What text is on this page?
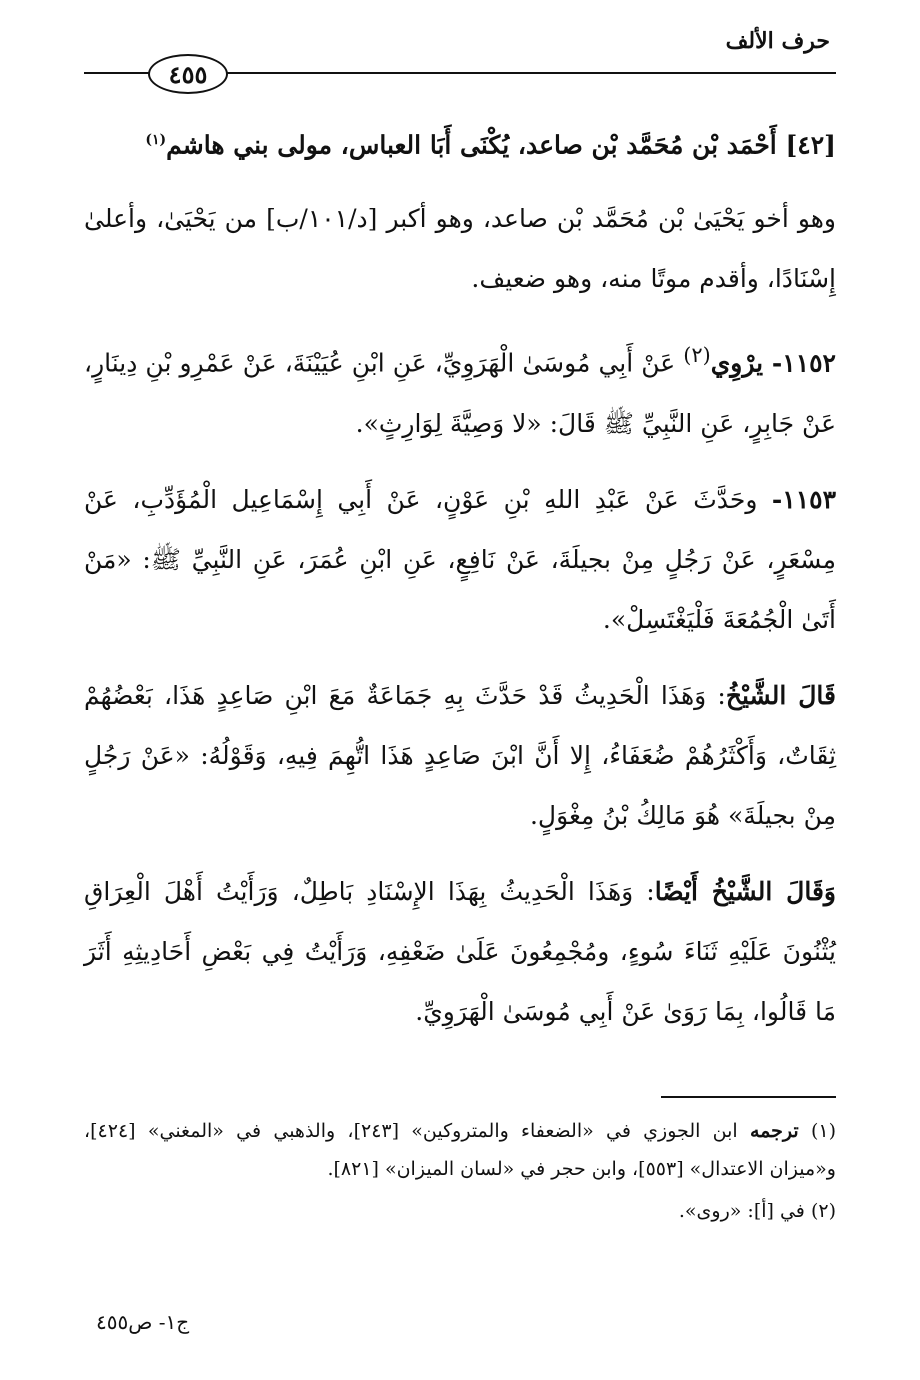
حرف الألف
٤٥٥
[٤٢] أَحْمَد بْن مُحَمَّد بْن صاعد، يُكْنَى أَبَا العباس، مولى بني هاشم$^{(١)}$

وهو أخو يَحْيَىٰ بْن مُحَمَّد بْن صاعد، وهو أكبر [د/١٠١/ب] من يَحْيَىٰ، وأعلىٰ إِسْنَادًا، وأقدم موتًا منه، وهو ضعيف.

١١٥٢- يرْوِي$^{(٢)}$ عَنْ أَبِي مُوسَىٰ الْهَرَوِيِّ، عَنِ ابْنِ عُيَيْنَةَ، عَنْ عَمْرِو بْنِ دِينَارٍ، عَنْ جَابِرٍ، عَنِ النَّبِيِّ ﷺ قَالَ: «لا وَصِيَّةَ لِوَارِثٍ».

١١٥٣- وحَدَّثَ عَنْ عَبْدِ اللهِ بْنِ عَوْنٍ، عَنْ أَبِي إِسْمَاعِيل الْمُؤَدِّبِ، عَنْ مِسْعَرٍ، عَنْ رَجُلٍ مِنْ بجيلَةَ، عَنْ نَافِعٍ، عَنِ ابْنِ عُمَرَ، عَنِ النَّبِيِّ ﷺ: «مَنْ أَتَىٰ الْجُمُعَةَ فَلْيَغْتَسِلْ».

قَالَ الشَّيْخُ: وَهَذَا الْحَدِيثُ قَدْ حَدَّثَ بِهِ جَمَاعَةٌ مَعَ ابْنِ صَاعِدٍ هَذَا، بَعْضُهُمْ ثِقَاتٌ، وَأَكْثَرُهُمْ ضُعَفَاءُ، إِلا أَنَّ ابْنَ صَاعِدٍ هَذَا اتُّهِمَ فِيهِ، وَقَوْلُهُ: «عَنْ رَجُلٍ مِنْ بجيلَةَ» هُوَ مَالِكُ بْنُ مِغْوَلٍ.

وَقَالَ الشَّيْخُ أَيْضًا: وَهَذَا الْحَدِيثُ بِهَذَا الإِسْنَادِ بَاطِلٌ، وَرَأَيْتُ أَهْلَ الْعِرَاقِ يُثْنُونَ عَلَيْهِ ثَنَاءَ سُوءٍ، ومُجْمِعُونَ عَلَىٰ ضَعْفِهِ، وَرَأَيْتُ فِي بَعْضِ أَحَادِيثِهِ أَثَرَ مَا قَالُوا، بِمَا رَوَىٰ عَنْ أَبِي مُوسَىٰ الْهَرَوِيِّ.

(١) ترجمه ابن الجوزي في «الضعفاء والمتروكين» [٢٤٣]، والذهبي في «المغني» [٤٢٤]، و«ميزان الاعتدال» [٥٥٣]، وابن حجر في «لسان الميزان» [٨٢١].

(٢) في [أ]: «روى».

ج١- ص٤٥٥
